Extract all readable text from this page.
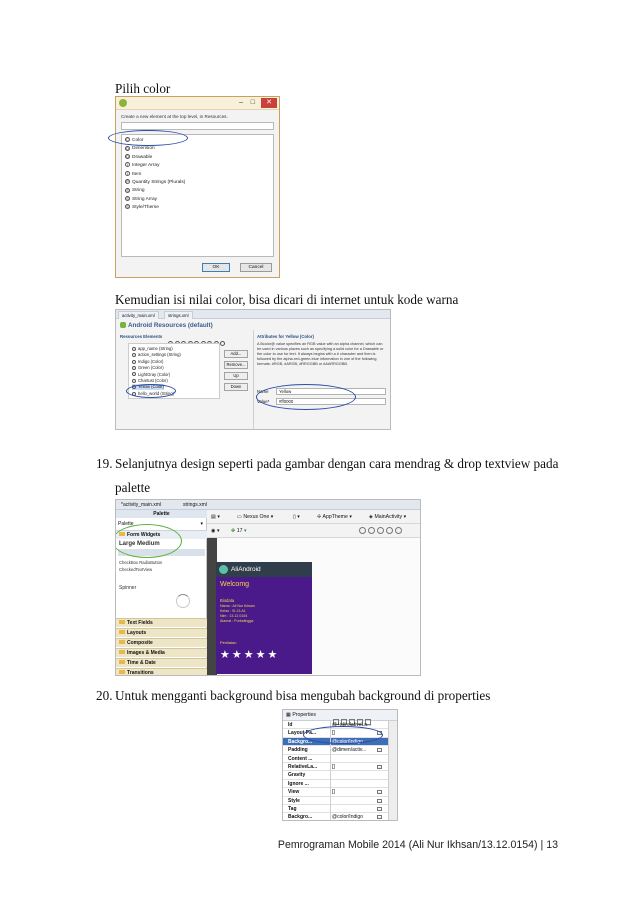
Pilih color
– □	✕
Create a new element at the top level, in Resources.
C Color
D Dimension
D Drawable
I Integer Array
I Item
P Quantity Strings (Plurals)
S String
S String Array
S Style/Theme
OK	Cancel
Kemudian isi nilai color, bisa dicari di internet untuk kode warna
activity_main.xml	strings.xml
Android Resources (default)
Resources Elements
app_name (String)
action_settings (String)
Indigo (Color)
Green (Color)
LightGray (Color)
Chartust (Color)
Yellow (Color)
hello_world (String)
Add...
Remove...
Up
Down
Attributes for Yellow (Color)
A Bcolor@ value specifies an RGB value with an alpha channel, which can be used in various places such as specifying a solid color for a Drawable or the color to use for text. It always begins with a # character and then is followed by the alpha-red-green-blue information in one of the following formats: #RGB, #ARGB, #RRGGBB or #AARRGGBB.
Name	Yellow
Value*	#ff0000
19. Selanjutnya design seperti pada gambar dengan cara mendrag & drop textview pada
palette
*activity_main.xml	strings.xml
Palette
Palette	▾
Form Widgets
Large Medium
CheckBox RadioButton
CheckedTextView
Spinner
Text Fields
Layouts
Composite
Images & Media
Time & Date
Transitions
▤ ▾	▭ Nexus One ▾	▯ ▾	✢ AppTheme ▾	◈ MainActivity ▾
◉ ▾ ✤ 17 ▾
AliAndroid
Welcomg
Biodata
Nama : Ali Nur Ikhsan
Kelas : SI.13.A1
Nim : 13.12.0154
Alamat : Purbalingga
Penilaian
★★★★★
20. Untuk mengganti background bisa mengubah background di properties
▦ Properties
Id	@+id/relativeLa...
Layout Pa...	[]	…
Backgro...	@color/Indigo
Padding	@dimen/activ...	…
Content ...
RelativeLa...	[]	…
Gravity
Ignore ...
View	[]	…
Style	…
Tag	…
Backgro...	@color/Indigo	…
Pemrograman Mobile 2014 (Ali Nur Ikhsan/13.12.0154) | 13
